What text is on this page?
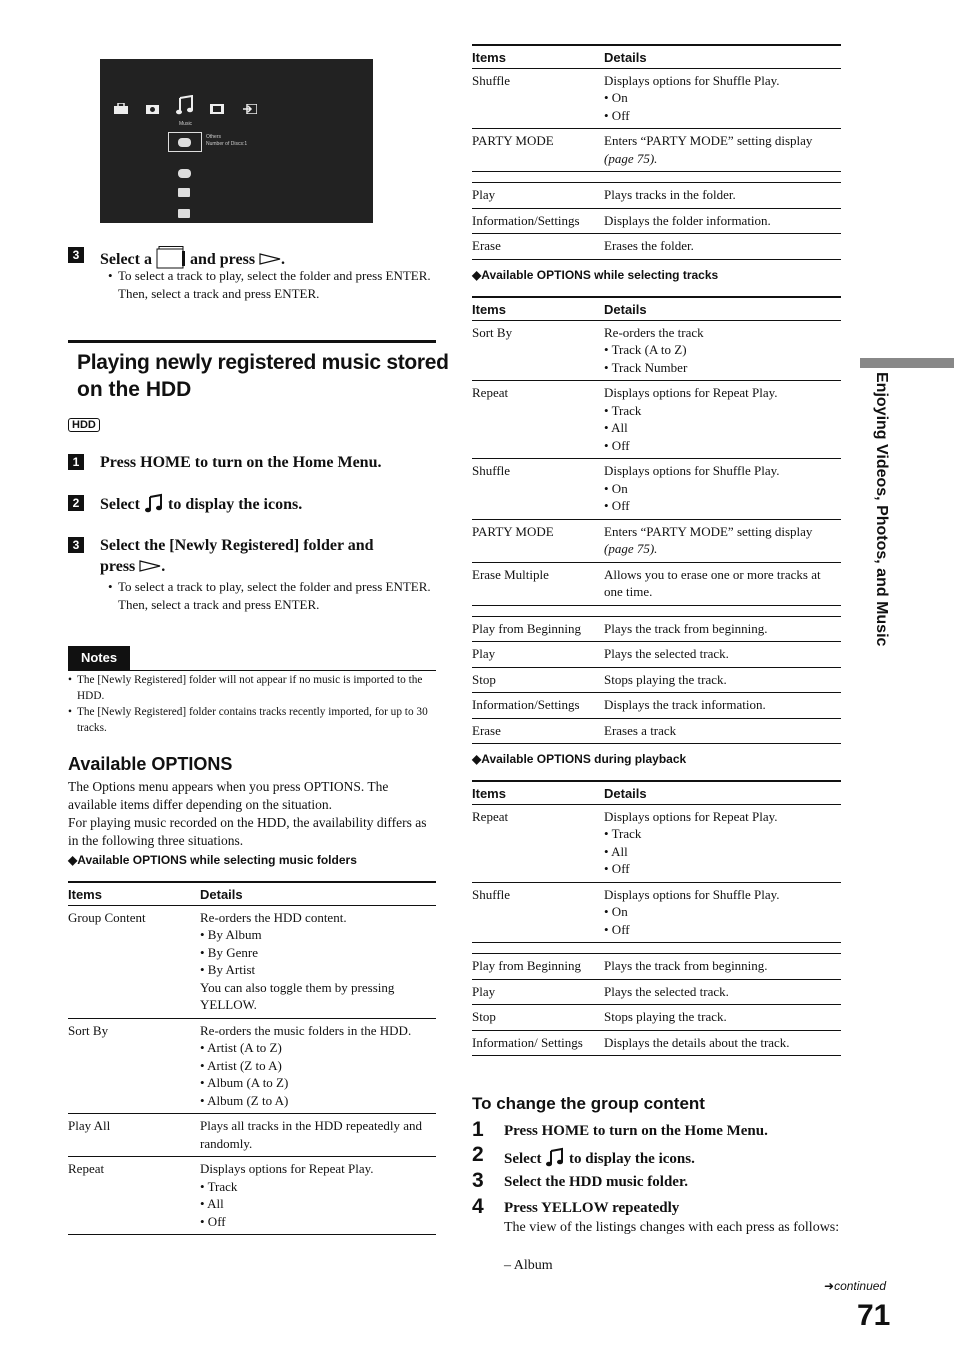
Music
Others
Number of Discs:1
3 Select a and press .
• To select a track to play, select the folder and press ENTER.
Then, select a track and press ENTER.
Playing newly registered music stored
on the HDD
HDD
1 Press HOME to turn on the Home Menu.
2 Select to display the icons.
3 Select the [Newly Registered] folder and
press .
• To select a track to play, select the folder and press ENTER.
Then, select a track and press ENTER.
Notes
• The [Newly Registered] folder will not appear if no music is imported to the HDD.
• The [Newly Registered] folder contains tracks recently imported, for up to 30 tracks.
Available OPTIONS
The Options menu appears when you press OPTIONS. The available items differ depending on the situation.
For playing music recorded on the HDD, the availability differs as in the following three situations.
◆Available OPTIONS while selecting music folders
Items	Details
Group Content	Re-orders the HDD content.
• By Album
• By Genre
• By Artist
You can also toggle them by pressing YELLOW.

Sort By	Re-orders the music folders in the HDD.
• Artist (A to Z)
• Artist (Z to A)
• Album (A to Z)
• Album (Z to A)

Play All	Plays all tracks in the HDD repeatedly and randomly.

Repeat	Displays options for Repeat Play.
• Track
• All
• Off
Items	Details
Shuffle	Displays options for Shuffle Play.
• On
• Off

PARTY MODE	Enters “PARTY MODE” setting display
(page 75).

Play	Plays tracks in the folder.

Information/Settings	Displays the folder information.

Erase	Erases the folder.
◆Available OPTIONS while selecting tracks
Items	Details
Sort By	Re-orders the track
• Track (A to Z)
• Track Number

Repeat	Displays options for Repeat Play.
• Track
• All
• Off

Shuffle	Displays options for Shuffle Play.
• On
• Off

PARTY MODE	Enters “PARTY MODE” setting display
(page 75).

Erase Multiple	Allows you to erase one or more tracks at one time.

Play from Beginning	Plays the track from beginning.

Play	Plays the selected track.

Stop	Stops playing the track.

Information/Settings	Displays the track information.

Erase	Erases a track
◆Available OPTIONS during playback
Items	Details
Repeat	Displays options for Repeat Play.
• Track
• All
• Off

Shuffle	Displays options for Shuffle Play.
• On
• Off

Play from Beginning	Plays the track from beginning.

Play	Plays the selected track.

Stop	Stops playing the track.

Information/ Settings	Displays the details about the track.
To change the group content
1 Press HOME to turn on the Home Menu.
2 Select to display the icons.
3 Select the HDD music folder.
4 Press YELLOW repeatedly
The view of the listings changes with each press as follows:
– Album
Enjoying Videos, Photos, and Music
➜continued
71
